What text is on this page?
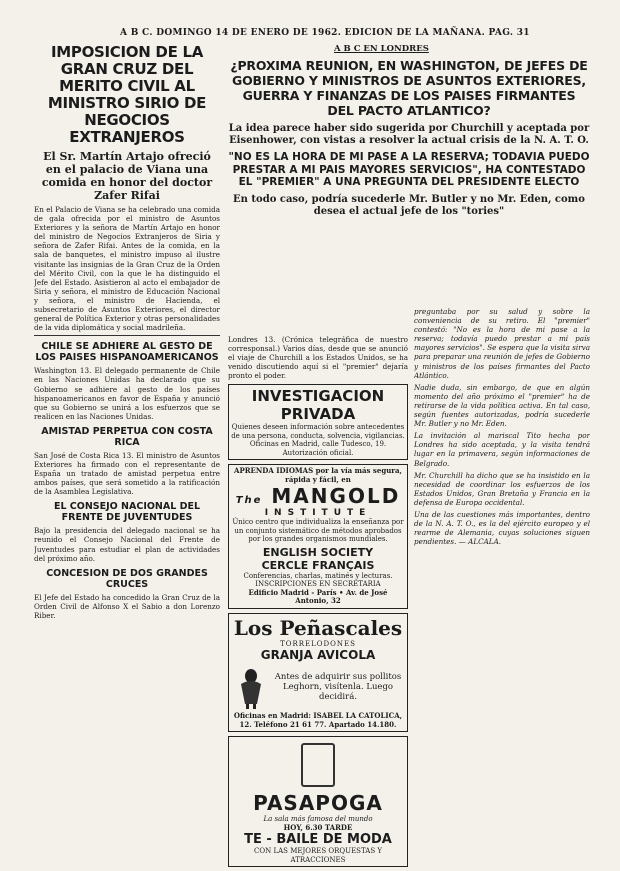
A B C. DOMINGO 14 DE ENERO DE 1962. EDICION DE LA MAÑANA. PAG. 31
IMPOSICION DE LA GRAN CRUZ DEL MERITO CIVIL AL MINISTRO SIRIO DE NEGOCIOS EXTRANJEROS
El Sr. Martín Artajo ofreció en el palacio de Viana una comida en honor del doctor Zafer Rifai
En el Palacio de Viana se ha celebrado una comida de gala ofrecida por el ministro de Asuntos Exteriores y la señora de Martín Artajo en honor del ministro de Negocios Extranjeros de Siria y señora de Zafer Rifai. Antes de la comida, en la sala de banquetes, el ministro impuso al ilustre visitante las insignias de la Gran Cruz de la Orden del Mérito Civil, con la que le ha distinguido el Jefe del Estado. Asistieron al acto el embajador de Siria y señora, el ministro de Educación Nacional y señora, el ministro de Hacienda, el subsecretario de Asuntos Exteriores, el director general de Política Exterior y otras personalidades de la vida diplomática y social madrileña.
CHILE SE ADHIERE AL GESTO DE LOS PAISES HISPANOAMERICANOS
Washington 13. El delegado permanente de Chile en las Naciones Unidas ha declarado que su Gobierno se adhiere al gesto de los países hispanoamericanos en favor de España y anunció que su Gobierno se unirá a los esfuerzos que se realicen en las Naciones Unidas.
AMISTAD PERPETUA CON COSTA RICA
San José de Costa Rica 13. El ministro de Asuntos Exteriores ha firmado con el representante de España un tratado de amistad perpetua entre ambos países, que será sometido a la ratificación de la Asamblea Legislativa.
EL CONSEJO NACIONAL DEL FRENTE DE JUVENTUDES
Bajo la presidencia del delegado nacional se ha reunido el Consejo Nacional del Frente de Juventudes para estudiar el plan de actividades del próximo año.
CONCESION DE DOS GRANDES CRUCES
El Jefe del Estado ha concedido la Gran Cruz de la Orden Civil de Alfonso X el Sabio a don Lorenzo Riber.
A B C EN LONDRES
¿PROXIMA REUNION, EN WASHINGTON, DE JEFES DE GOBIERNO Y MINISTROS DE ASUNTOS EXTERIORES, GUERRA Y FINANZAS DE LOS PAISES FIRMANTES DEL PACTO ATLANTICO?
La idea parece haber sido sugerida por Churchill y aceptada por Eisenhower, con vistas a resolver la actual crisis de la N. A. T. O.
"NO ES LA HORA DE MI PASE A LA RESERVA; TODAVIA PUEDO PRESTAR A MI PAIS MAYORES SERVICIOS", HA CONTESTADO EL "PREMIER" A UNA PREGUNTA DEL PRESIDENTE ELECTO
En todo caso, podría sucederle Mr. Butler y no Mr. Eden, como desea el actual jefe de los "tories"
Londres 13. (Crónica telegráfica de nuestro corresponsal.) Varios días, desde que se anunció el viaje de Churchill a los Estados Unidos, se ha venido discutiendo aquí si el "premier" dejaría pronto el poder.
INVESTIGACION PRIVADA
Quienes deseen información sobre antecedentes de una persona, conducta, solvencia, vigilancias. Oficinas en Madrid, calle Tudesco, 19. Autorización oficial.
APRENDA IDIOMAS por la vía más segura, rápida y fácil, en
The MANGOLD
INSTITUTE
Único centro que individualiza la enseñanza por un conjunto sistemático de métodos aprobados por los grandes organismos mundiales.
ENGLISH SOCIETY
CERCLE FRANÇAIS
Conferencias, charlas, matinés y lecturas. INSCRIPCIONES EN SECRETARIA
Edificio Madrid - París • Av. de José Antonio, 32
Los Peñascales
TORRELODONES
GRANJA AVICOLA
Antes de adquirir sus pollitos Leghorn, visítenla. Luego decidirá.
Oficinas en Madrid: ISABEL LA CATOLICA, 12. Teléfono 21 61 77. Apartado 14.180.
PASAPOGA
La sala más famosa del mundo
HOY, 6.30 TARDE
TE - BAILE DE MODA
CON LAS MEJORES ORQUESTAS Y ATRACCIONES
preguntaba por su salud y sobre la conveniencia de su retiro. El "premier" contestó: "No es la hora de mi pase a la reserva; todavía puedo prestar a mi país mayores servicios". Se espera que la visita sirva para preparar una reunión de jefes de Gobierno y ministros de los países firmantes del Pacto Atlántico.
Nadie duda, sin embargo, de que en algún momento del año próximo el "premier" ha de retirarse de la vida política activa. En tal caso, según fuentes autorizadas, podría sucederle Mr. Butler y no Mr. Eden.
La invitación al mariscal Tito hecha por Londres ha sido aceptada, y la visita tendrá lugar en la primavera, según informaciones de Belgrado.
Mr. Churchill ha dicho que se ha insistido en la necesidad de coordinar los esfuerzos de los Estados Unidos, Gran Bretaña y Francia en la defensa de Europa occidental.
Una de las cuestiones más importantes, dentro de la N. A. T. O., es la del ejército europeo y el rearme de Alemania, cuyas soluciones siguen pendientes. — ALCALA.
